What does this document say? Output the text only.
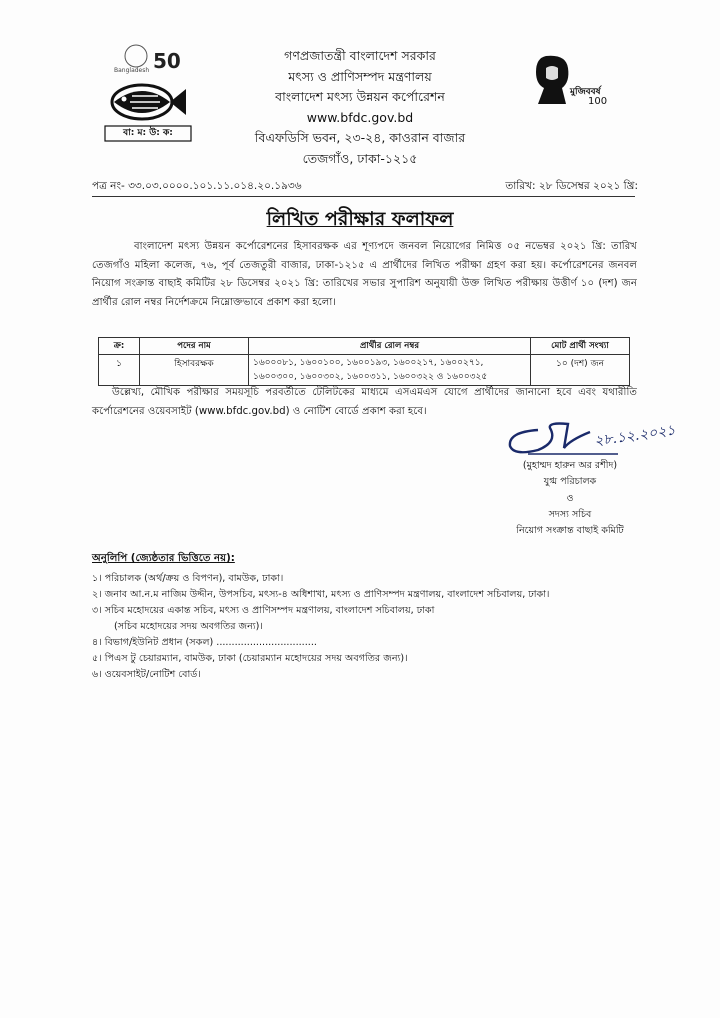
50
Bangladesh
বা: ম: উ: ক:
গণপ্রজাতন্ত্রী বাংলাদেশ সরকার
মৎস্য ও প্রাণিসম্পদ মন্ত্রণালয়
বাংলাদেশ মৎস্য উন্নয়ন কর্পোরেশন
www.bfdc.gov.bd
বিএফডিসি ভবন, ২৩-২৪, কাওরান বাজার
তেজগাঁও, ঢাকা-১২১৫
মুজিববর্ষ
100
পত্র নং- ৩৩.০৩.০০০০.১০১.১১.০১৪.২০.১৯৩৬	তারিখ: ২৮ ডিসেম্বর ২০২১ খ্রি:
লিখিত পরীক্ষার ফলাফল
বাংলাদেশ মৎস্য উন্নয়ন কর্পোরেশনের হিসাবরক্ষক এর শূণ্যপদে জনবল নিয়োগের নিমিত্ত ০৫ নভেম্বর ২০২১ খ্রি: তারিখ তেজগাঁও মহিলা কলেজ, ৭৬, পূর্ব তেজতুরী বাজার, ঢাকা-১২১৫ এ প্রার্থীদের লিখিত পরীক্ষা গ্রহণ করা হয়। কর্পোরেশনের জনবল নিয়োগ সংক্রান্ত বাছাই কমিটির ২৮ ডিসেম্বর ২০২১ খ্রি: তারিখের সভার সুপারিশ অনুযায়ী উক্ত লিখিত পরীক্ষায় উত্তীর্ণ ১০ (দশ) জন প্রার্থীর রোল নম্বর নির্দেশক্রমে নিম্নোক্তভাবে প্রকাশ করা হলো।
ক্র:	পদের নাম	প্রার্থীর রোল নম্বর	মোট প্রার্থী সংখ্যা
১	হিসাবরক্ষক	১৬০০০৮১, ১৬০০১০০, ১৬০০১৯৩, ১৬০০২১৭, ১৬০০২৭১, ১৬০০৩০০, ১৬০০৩০২, ১৬০০৩১১, ১৬০০৩২২ ও ১৬০০৩২৫	১০ (দশ) জন
উল্লেখ্য, মৌখিক পরীক্ষার সময়সূচি পরবর্তীতে টেলিটকের মাধ্যমে এসএমএস যোগে প্রার্থীদের জানানো হবে এবং যথারীতি কর্পোরেশনের ওয়েবসাইট (www.bfdc.gov.bd) ও নোটিশ বোর্ডে প্রকাশ করা হবে।
২৮.১২.২০২১
(মুহাম্মদ হারুন অর রশীদ)
যুগ্ম পরিচালক
ও
সদস্য সচিব
নিয়োগ সংক্রান্ত বাছাই কমিটি
অনুলিপি (জ্যেষ্ঠতার ভিত্তিতে নয়):
১। পরিচালক (অর্থ/ক্রয় ও বিপণন), বামউক, ঢাকা।
২। জনাব আ.ন.ম নাজিম উদ্দীন, উপসচিব, মৎস্য-৪ অধিশাখা, মৎস্য ও প্রাণিসম্পদ মন্ত্রণালয়, বাংলাদেশ সচিবালয়, ঢাকা।
৩। সচিব মহোদয়ের একান্ত সচিব, মৎস্য ও প্রাণিসম্পদ মন্ত্রণালয়, বাংলাদেশ সচিবালয়, ঢাকা
(সচিব মহোদয়ের সদয় অবগতির জন্য)।
৪। বিভাগ/ইউনিট প্রধান (সকল) .................................
৫। পিএস টু চেয়ারম্যান, বামউক, ঢাকা (চেয়ারম্যান মহোদয়ের সদয় অবগতির জন্য)।
৬। ওয়েবসাইট/নোটিশ বোর্ড।
